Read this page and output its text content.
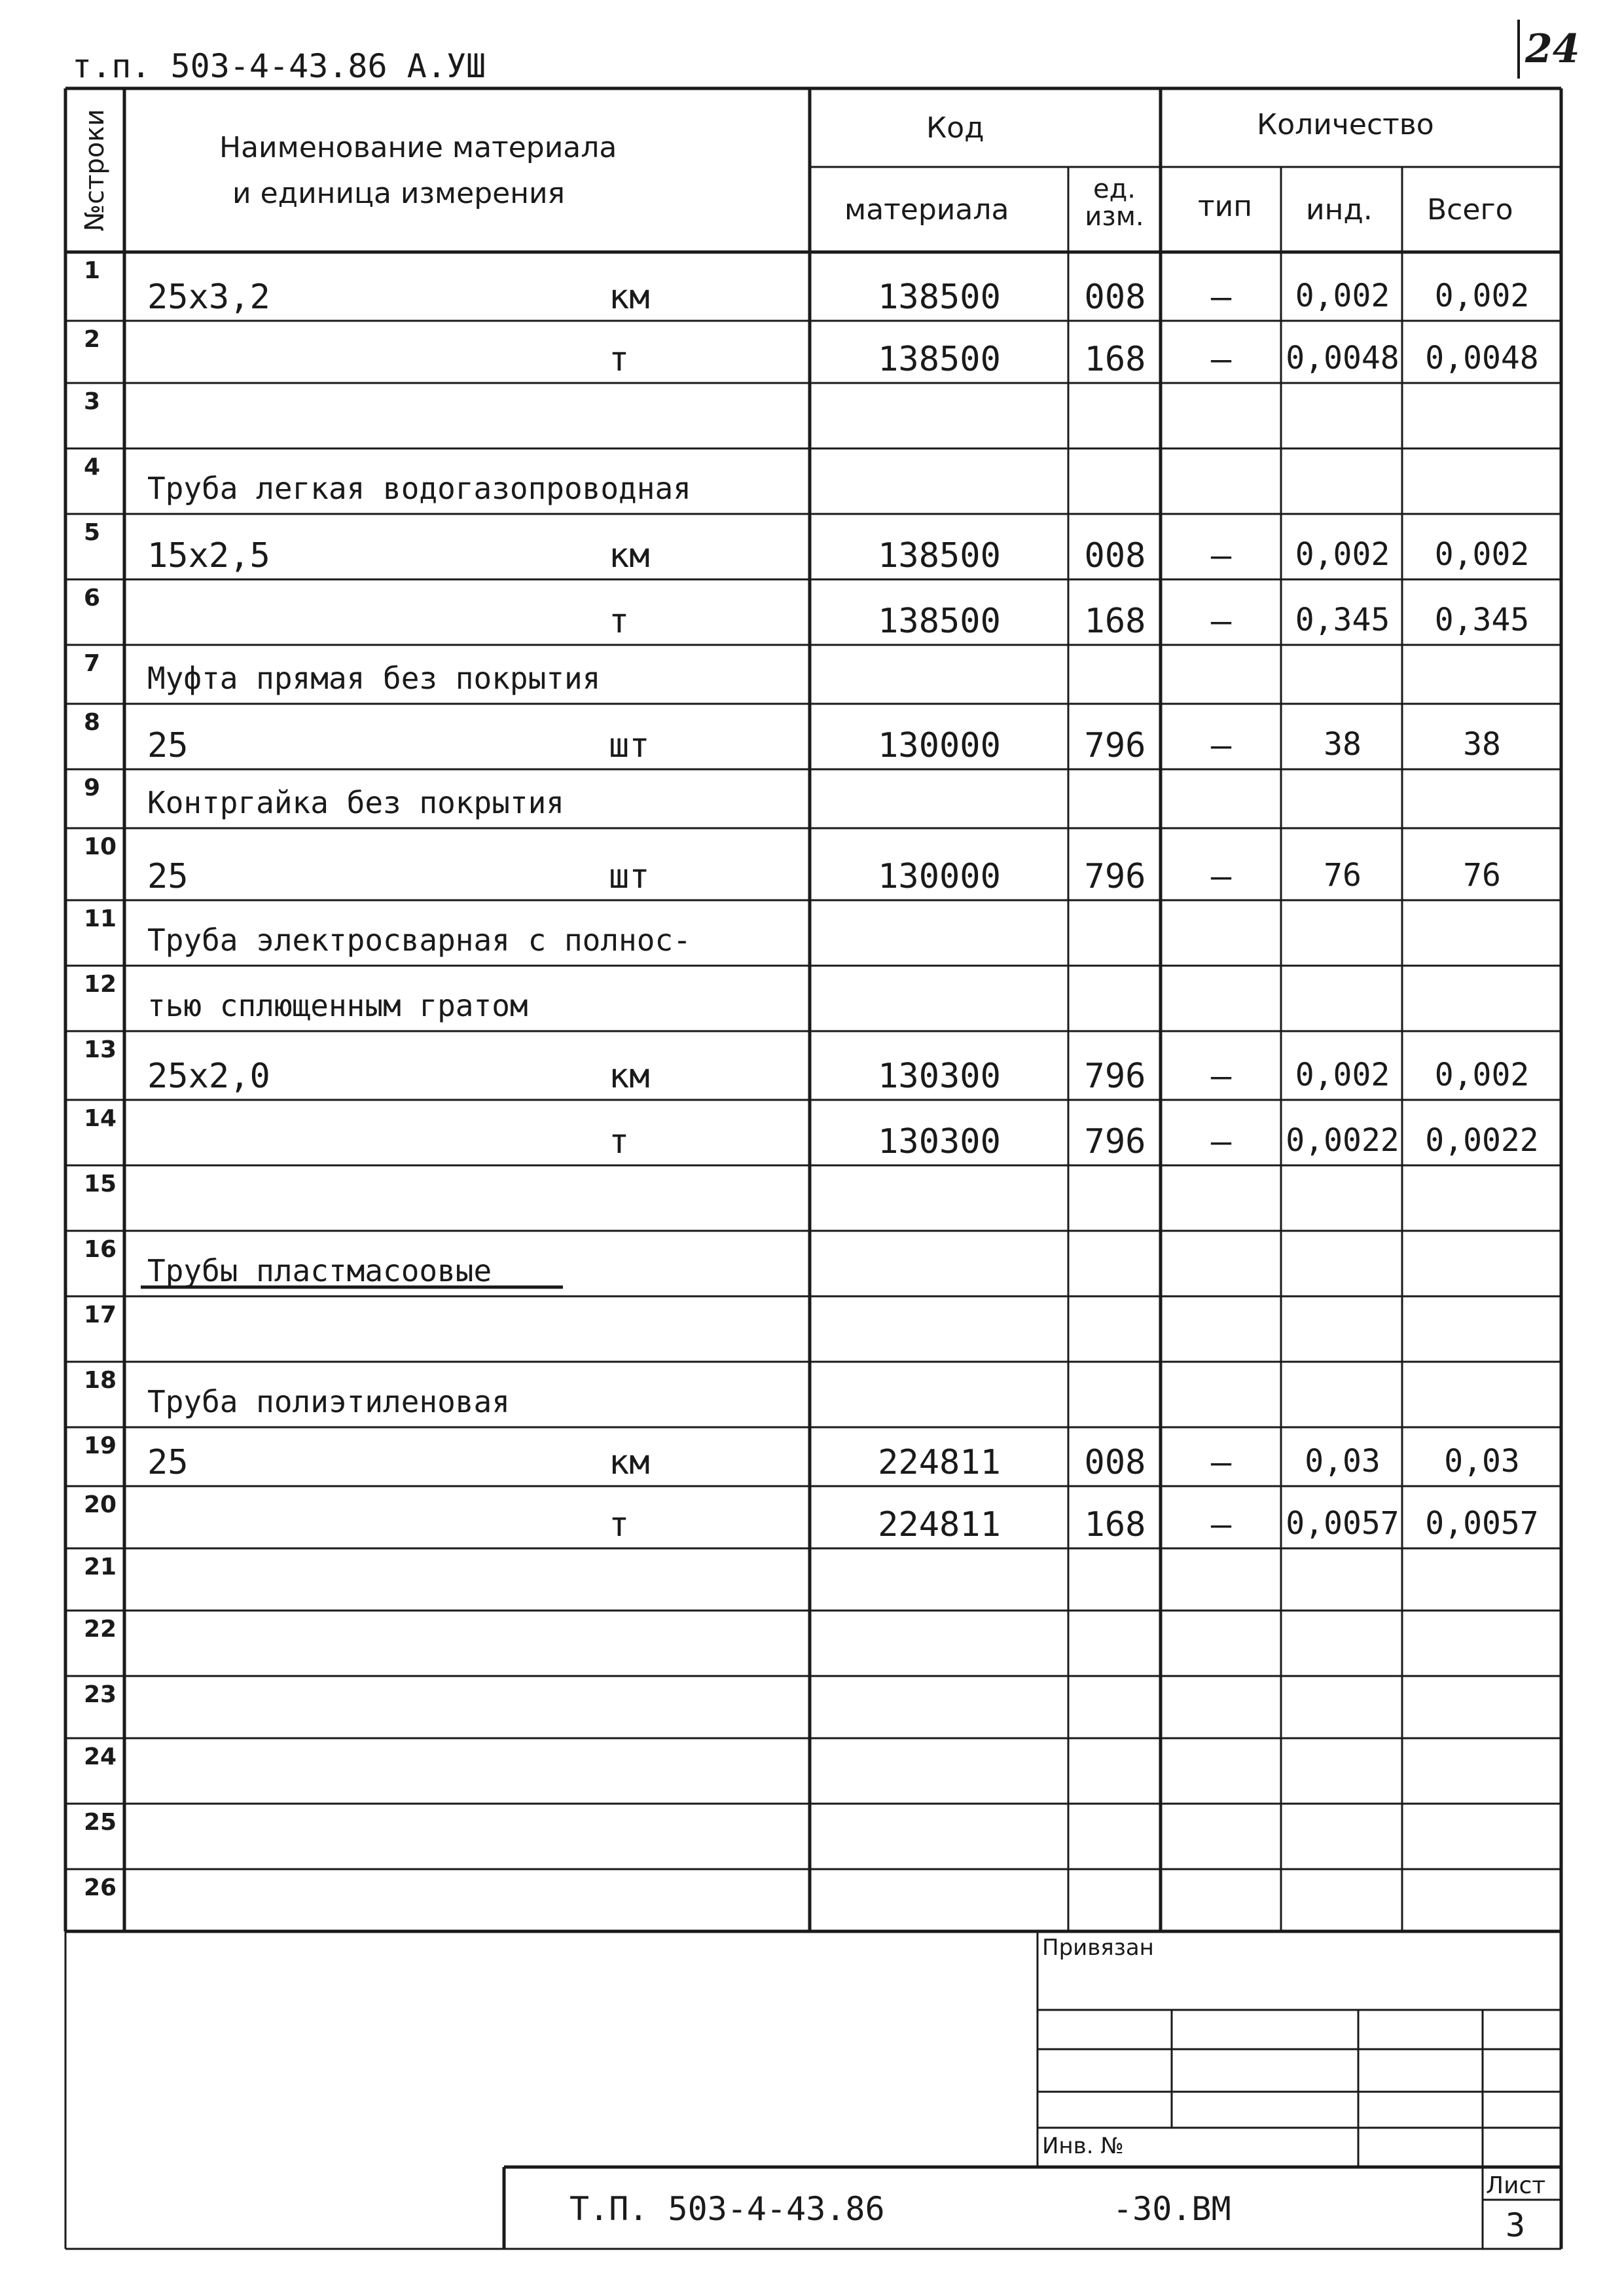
т.п. 503-4-43.86 А.УШ	24
№строки	Наименование материала
и единица измерения
Код
материала
ед. изм.
Количество
тип инд. Всего
1
25х3,2	км	138500	008	–	0,002	0,002
2
т	138500	168	–	0,0048 0,0048
3
4
Труба легкая водогазопроводная
5
15х2,5	км	138500	008	–	0,002	0,002
6
т	138500	168	–	0,345	0,345
7 Муфта прямая без покрытия
8
25	шт	130000	796	–	38	38
9 Контргайка без покрытия
10
25	шт	130000	796	–	76	76
11
Труба электросварная с полнос-
12
тью сплющенным гратом
13
25х2,0	км	130300	796	–	0,002	0,002
14
т	130300	796	–	0,0022 0,0022
15
16
Трубы пластмасоовые
17
18
Труба полиэтиленовая
19 25	км	224811	008	–	0,03	0,03
20
т	224811	168	–	0,0057 0,0057
21
22
23
24
25
26
Привязан
Инв. №
Т.П. 503-4-43.86	-30.ВМ
Лист
3
